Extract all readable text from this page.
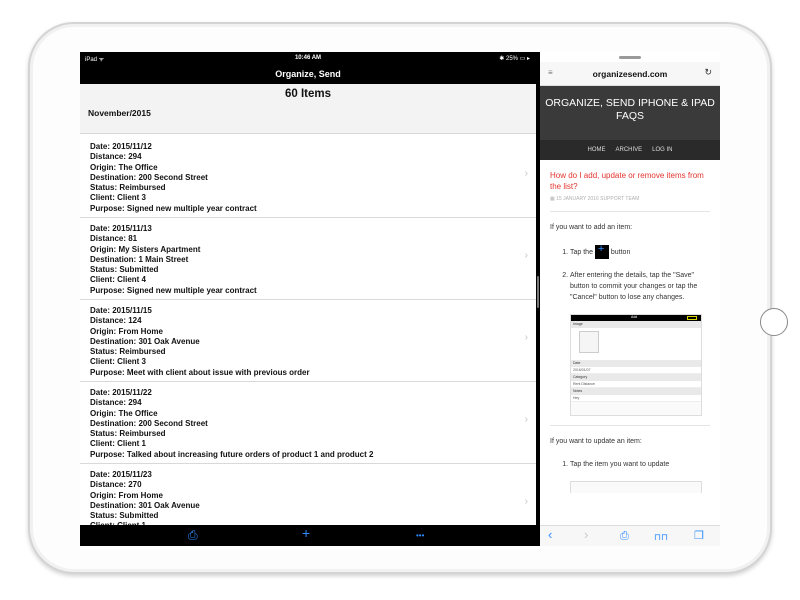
iPad ᯤ	10:46 AM	✱ 25% ▭ ▸
Organize, Send
60 Items
November/2015
Date: 2015/11/12
Distance: 294
Origin: The Office
Destination: 200 Second Street
Status: Reimbursed
Client: Client 3
Purpose: Signed new multiple year contract
›
Date: 2015/11/13
Distance: 81
Origin: My Sisters Apartment
Destination: 1 Main Street
Status: Submitted
Client: Client 4
Purpose: Signed new multiple year contract
›
Date: 2015/11/15
Distance: 124
Origin: From Home
Destination: 301 Oak Avenue
Status: Reimbursed
Client: Client 3
Purpose: Meet with client about issue with previous order
›
Date: 2015/11/22
Distance: 294
Origin: The Office
Destination: 200 Second Street
Status: Reimbursed
Client: Client 1
Purpose: Talked about increasing future orders of product 1 and product 2
›
Date: 2015/11/23
Distance: 270
Origin: From Home
Destination: 301 Oak Avenue
Status: Submitted
›
⎙	+	•••
≡	organizesend.com	↻
ORGANIZE, SEND IPHONE & IPAD FAQS
HOME ARCHIVE LOG IN
How do I add, update or remove items from the list?
▦ 15 JANUARY 2016 SUPPORT TEAM
If you want to add an item:
1. Tap the +	button
2. After entering the details, tap the "Save" button to commit your changes or tap the "Cancel" button to lose any changes.
Add
Image
Date
2016/01/07
Category
Rent Distance
Notes
Hey
If you want to update an item:
1. Tap the item you want to update
‹ ›	⎙	⊓⊓ ❐
